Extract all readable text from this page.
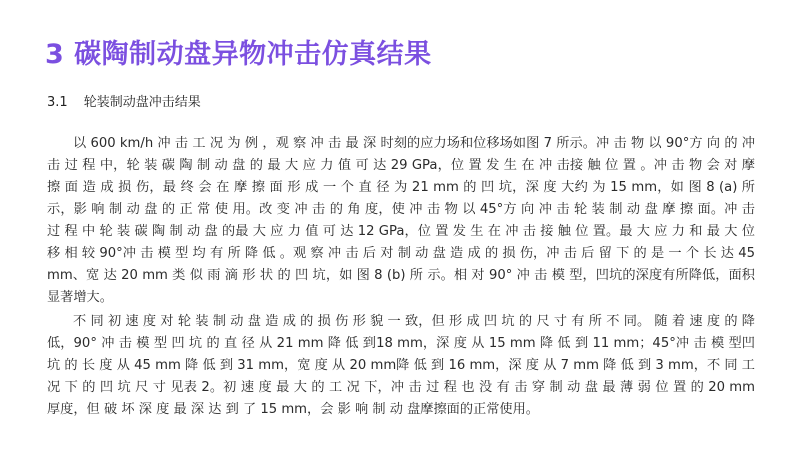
3 碳陶制动盘异物冲击仿真结果
3.1 轮装制动盘冲击结果

以 600 km/h 冲 击 工 况 为 例 ，观 察 冲 击 最 深 时刻的应力场和位移场如图 7 所示。冲 击 物 以 90°方 向 的 冲 击 过 程 中，轮 装 碳 陶 制 动 盘 的 最 大 应 力 值 可 达 29 GPa，位 置 发 生 在 冲 击接 触 位 置 。冲 击 物 会 对 摩 擦 面 造 成 损 伤，最 终 会 在 摩 擦 面 形 成 一 个 直 径 为 21 mm 的 凹 坑，深 度 大约 为 15 mm，如 图 8 (a) 所 示，影 响 制 动 盘 的 正 常 使 用。改 变 冲 击 的 角 度，使 冲 击 物 以 45°方 向 冲 击 轮 装 制 动 盘 摩 擦 面。冲 击 过 程 中 轮 装 碳 陶 制 动 盘 的最 大 应 力 值 可 达 12 GPa，位 置 发 生 在 冲 击 接 触 位 置。最 大 应 力 和 最 大 位 移 相 较 90°冲 击 模 型 均 有 所 降 低 。观 察 冲 击 后 对 制 动 盘 造 成 的 损 伤，冲 击 后 留 下 的 是 一 个 长 达 45 mm、宽 达 20 mm 类 似 雨 滴 形 状 的 凹 坑，如 图 8 (b) 所 示。相 对 90° 冲 击 模 型，凹坑的深度有所降低，面积显著增大。

不 同 初 速 度 对 轮 装 制 动 盘 造 成 的 损 伤 形 貌 一 致，但 形 成 凹 坑 的 尺 寸 有 所 不 同。 随 着 速 度 的 降 低，90° 冲 击 模 型 凹 坑 的 直 径 从 21 mm 降 低 到18 mm，深 度 从 15 mm 降 低 到 11 mm；45°冲 击 模 型凹 坑 的 长 度 从 45 mm 降 低 到 31 mm，宽 度 从 20 mm降 低 到 16 mm，深 度 从 7 mm 降 低 到 3 mm，不 同 工况 下 的 凹 坑 尺 寸 见表 2。初 速 度 最 大 的 工 况 下，冲 击 过 程 也 没 有 击 穿 制 动 盘 最 薄 弱 位 置 的 20 mm 厚度，但 破 坏 深 度 最 深 达 到 了 15 mm，会 影 响 制 动 盘摩擦面的正常使用。
